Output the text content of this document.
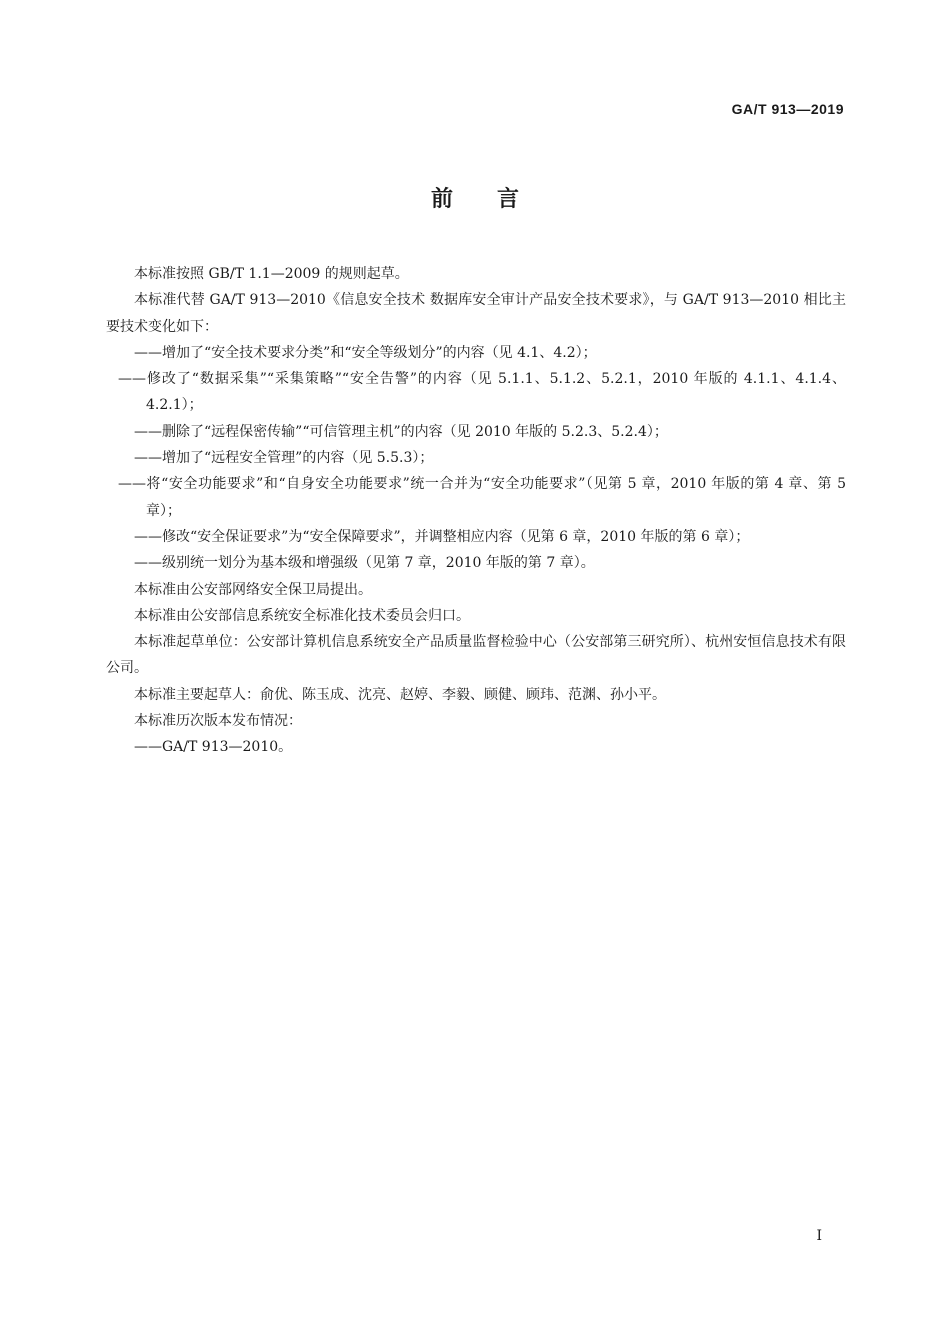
GA/T 913—2019
前言

本标准按照 GB/T 1.1—2009 的规则起草。

本标准代替 GA/T 913—2010《信息安全技术 数据库安全审计产品安全技术要求》，与 GA/T 913—2010 相比主要技术变化如下：

——增加了“安全技术要求分类”和“安全等级划分”的内容（见 4.1、4.2）；

——修改了“数据采集”“采集策略”“安全告警”的内容（见 5.1.1、5.1.2、5.2.1，2010 年版的 4.1.1、4.1.4、4.2.1）；

——删除了“远程保密传输”“可信管理主机”的内容（见 2010 年版的 5.2.3、5.2.4）；

——增加了“远程安全管理”的内容（见 5.5.3）；

——将“安全功能要求”和“自身安全功能要求”统一合并为“安全功能要求”（见第 5 章，2010 年版的第 4 章、第 5 章）；

——修改“安全保证要求”为“安全保障要求”，并调整相应内容（见第 6 章，2010 年版的第 6 章）；

——级别统一划分为基本级和增强级（见第 7 章，2010 年版的第 7 章）。

本标准由公安部网络安全保卫局提出。

本标准由公安部信息系统安全标准化技术委员会归口。

本标准起草单位：公安部计算机信息系统安全产品质量监督检验中心（公安部第三研究所）、杭州安恒信息技术有限公司。

本标准主要起草人：俞优、陈玉成、沈亮、赵婷、李毅、顾健、顾玮、范渊、孙小平。

本标准历次版本发布情况：

——GA/T 913—2010。

I
